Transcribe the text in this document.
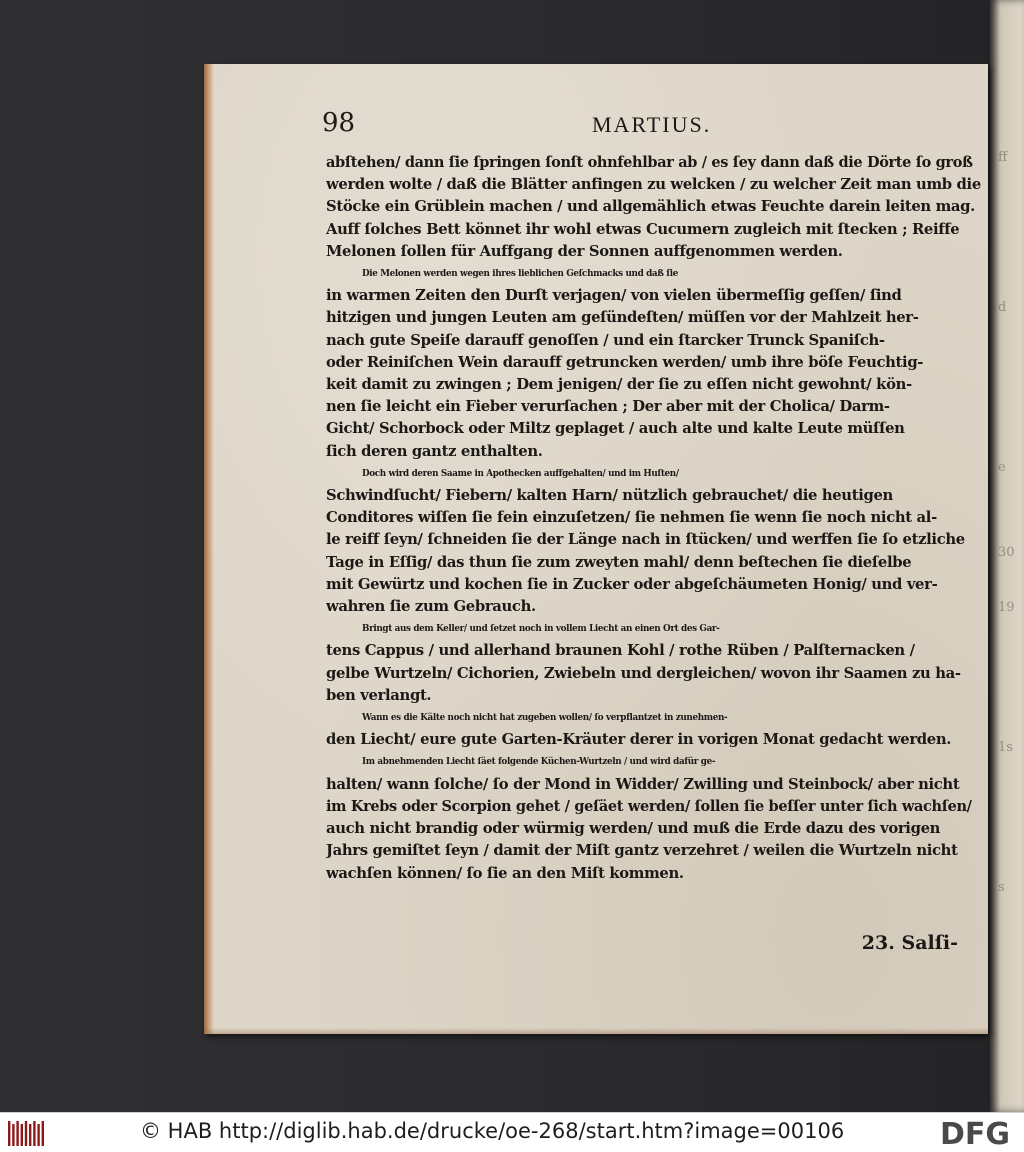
ff
d
e
30
19
1s
s
98	MARTIUS.
abſtehen/ dann ſie ſpringen ſonſt ohnfehlbar ab / es ſey dann daß die Dörte ſo groß
werden wolte / daß die Blätter anfingen zu welcken / zu welcher Zeit man umb die
Stöcke ein Grüblein machen / und allgemählich etwas Feuchte darein leiten mag.
Auff ſolches Bett könnet ihr wohl etwas Cucumern zugleich mit ſtecken ; Reiffe
Melonen ſollen für Auffgang der Sonnen auffgenommen werden.
Die Melonen werden wegen ihres lieblichen Geſchmacks und daß ſie
in warmen Zeiten den Durſt verjagen/ von vielen übermeſſig geſſen/ ſind
hitzigen und jungen Leuten am geſündeſten/ müſſen vor der Mahlzeit her-
nach gute Speiſe darauff genoſſen / und ein ſtarcker Trunck Spaniſch-
oder Reiniſchen Wein darauff getruncken werden/ umb ihre böſe Feuchtig-
keit damit zu zwingen ; Dem jenigen/ der ſie zu eſſen nicht gewohnt/ kön-
nen ſie leicht ein Fieber verurſachen ; Der aber mit der Cholica/ Darm-
Gicht/ Schorbock oder Miltz geplaget / auch alte und kalte Leute müſſen
ſich deren gantz enthalten.
Doch wird deren Saame in Apothecken auffgehalten/ und im Huſten/
Schwindſucht/ Fiebern/ kalten Harn/ nützlich gebrauchet/ die heutigen
Conditores wiſſen ſie fein einzuſetzen/ ſie nehmen ſie wenn ſie noch nicht al-
le reiff ſeyn/ ſchneiden ſie der Länge nach in ſtücken/ und werffen ſie ſo etzliche
Tage in Eſſig/ das thun ſie zum zweyten mahl/ denn beſtechen ſie dieſelbe
mit Gewürtz und kochen ſie in Zucker oder abgeſchäumeten Honig/ und ver-
wahren ſie zum Gebrauch.
Bringt aus dem Keller/ und ſetzet noch in vollem Liecht an einen Ort des Gar-
tens Cappus / und allerhand braunen Kohl / rothe Rüben / Palſternacken /
gelbe Wurtzeln/ Cichorien, Zwiebeln und dergleichen/ wovon ihr Saamen zu ha-
ben verlangt.
Wann es die Kälte noch nicht hat zugeben wollen/ ſo verpflantzet in zunehmen-
den Liecht/ eure gute Garten-Kräuter derer in vorigen Monat gedacht werden.
Im abnehmenden Liecht ſäet folgende Küchen-Wurtzeln / und wird dafür ge-
halten/ wann ſolche/ ſo der Mond in Widder/ Zwilling und Steinbock/ aber nicht
im Krebs oder Scorpion gehet / geſäet werden/ ſollen ſie beſſer unter ſich wachſen/
auch nicht brandig oder würmig werden/ und muß die Erde dazu des vorigen
Jahrs gemiſtet ſeyn / damit der Miſt gantz verzehret / weilen die Wurtzeln nicht
wachſen können/ ſo ſie an den Miſt kommen.
23. Salſi-
© HAB http://diglib.hab.de/drucke/oe-268/start.htm?image=00106	DFG
